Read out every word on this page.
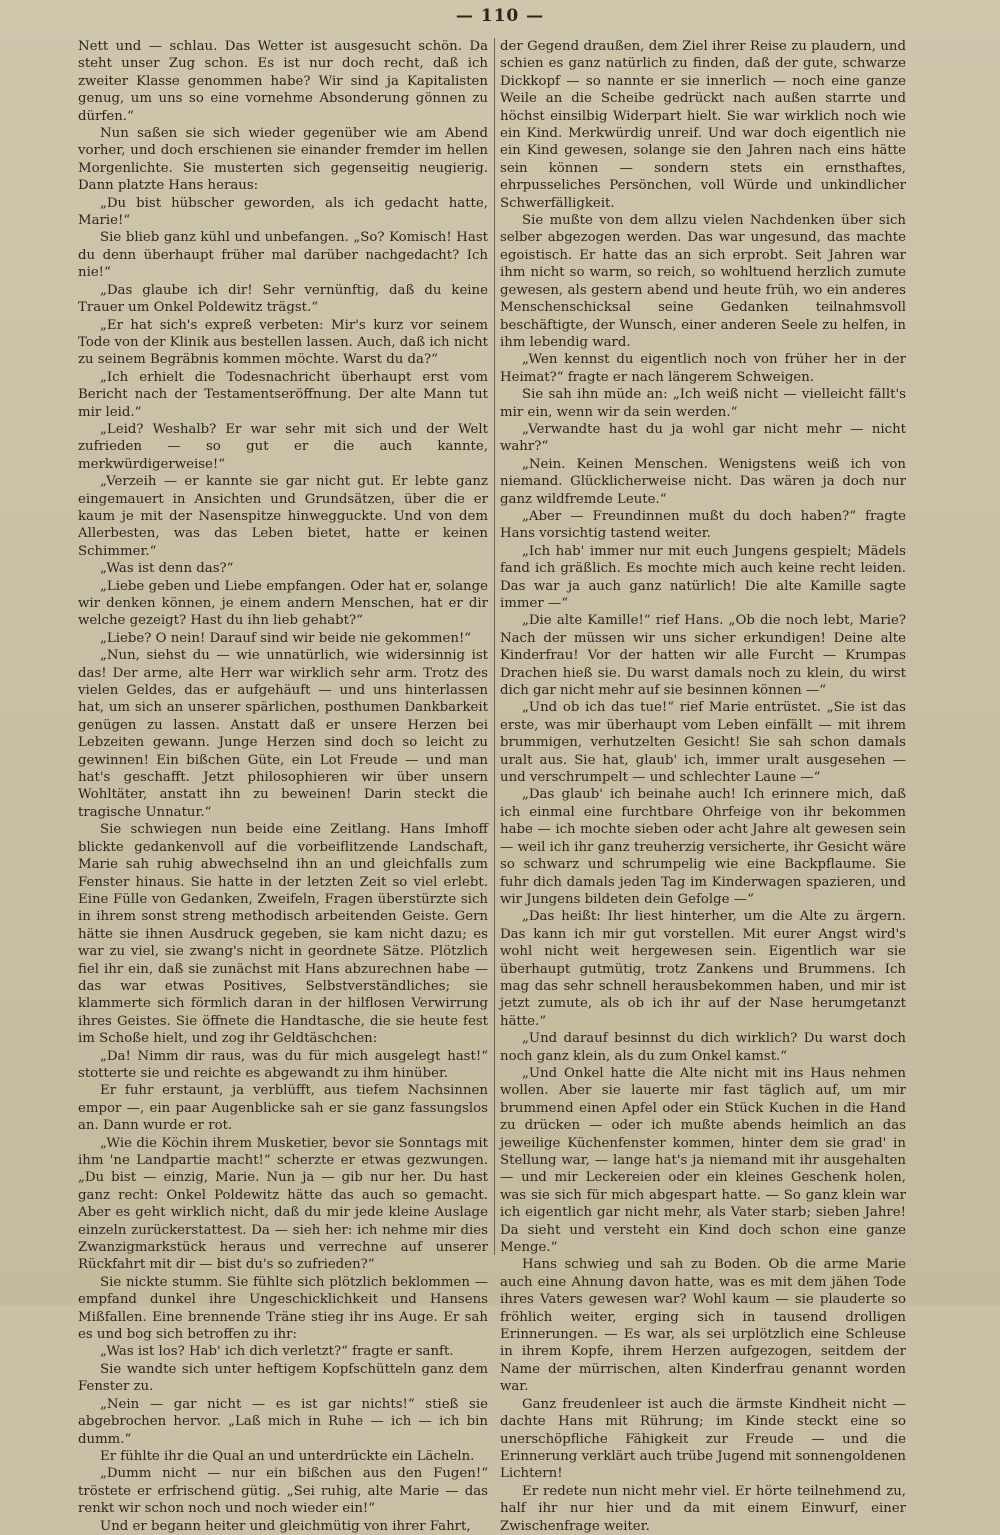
— 110 —

Nett und — schlau. Das Wetter ist ausgesucht schön. Da steht unser Zug schon. Es ist nur doch recht, daß ich zweiter Klasse genommen habe? Wir sind ja Kapitalisten genug, um uns so eine vornehme Absonderung gönnen zu dürfen.“

Nun saßen sie sich wieder gegenüber wie am Abend vorher, und doch erschienen sie einander fremder im hellen Morgenlichte. Sie musterten sich gegenseitig neugierig. Dann platzte Hans heraus:

„Du bist hübscher geworden, als ich gedacht hatte, Marie!“

Sie blieb ganz kühl und unbefangen. „So? Komisch! Hast du denn überhaupt früher mal darüber nachgedacht? Ich nie!“

„Das glaube ich dir! Sehr vernünftig, daß du keine Trauer um Onkel Poldewitz trägst.“

„Er hat sich's expreß verbeten: Mir's kurz vor seinem Tode von der Klinik aus bestellen lassen. Auch, daß ich nicht zu seinem Begräbnis kommen möchte. Warst du da?“

„Ich erhielt die Todesnachricht überhaupt erst vom Bericht nach der Testamentseröffnung. Der alte Mann tut mir leid.“

„Leid? Weshalb? Er war sehr mit sich und der Welt zufrieden — so gut er die auch kannte, merkwürdigerweise!“

„Verzeih — er kannte sie gar nicht gut. Er lebte ganz eingemauert in Ansichten und Grundsätzen, über die er kaum je mit der Nasenspitze hinwegguckte. Und von dem Allerbesten, was das Leben bietet, hatte er keinen Schimmer.“

„Was ist denn das?“

„Liebe geben und Liebe empfangen. Oder hat er, solange wir denken können, je einem andern Menschen, hat er dir welche gezeigt? Hast du ihn lieb gehabt?“

„Liebe? O nein! Darauf sind wir beide nie gekommen!“

„Nun, siehst du — wie unnatürlich, wie widersinnig ist das! Der arme, alte Herr war wirklich sehr arm. Trotz des vielen Geldes, das er aufgehäuft — und uns hinterlassen hat, um sich an unserer spärlichen, posthumen Dankbarkeit genügen zu lassen. Anstatt daß er unsere Herzen bei Lebzeiten gewann. Junge Herzen sind doch so leicht zu gewinnen! Ein bißchen Güte, ein Lot Freude — und man hat's geschafft. Jetzt philosophieren wir über unsern Wohltäter, anstatt ihn zu beweinen! Darin steckt die tragische Unnatur.“

Sie schwiegen nun beide eine Zeitlang. Hans Imhoff blickte gedankenvoll auf die vorbeiflitzende Landschaft, Marie sah ruhig abwechselnd ihn an und gleichfalls zum Fenster hinaus. Sie hatte in der letzten Zeit so viel erlebt. Eine Fülle von Gedanken, Zweifeln, Fragen überstürzte sich in ihrem sonst streng methodisch arbeitenden Geiste. Gern hätte sie ihnen Ausdruck gegeben, sie kam nicht dazu; es war zu viel, sie zwang's nicht in geordnete Sätze. Plötzlich fiel ihr ein, daß sie zunächst mit Hans abzurechnen habe — das war etwas Positives, Selbstverständliches; sie klammerte sich förmlich daran in der hilflosen Verwirrung ihres Geistes. Sie öffnete die Handtasche, die sie heute fest im Schoße hielt, und zog ihr Geldtäschchen:

„Da! Nimm dir raus, was du für mich ausgelegt hast!“ stotterte sie und reichte es abgewandt zu ihm hinüber.

Er fuhr erstaunt, ja verblüfft, aus tiefem Nachsinnen empor —, ein paar Augenblicke sah er sie ganz fassungslos an. Dann wurde er rot.

„Wie die Köchin ihrem Musketier, bevor sie Sonntags mit ihm 'ne Landpartie macht!“ scherzte er etwas gezwungen. „Du bist — einzig, Marie. Nun ja — gib nur her. Du hast ganz recht: Onkel Poldewitz hätte das auch so gemacht. Aber es geht wirklich nicht, daß du mir jede kleine Auslage einzeln zurückerstattest. Da — sieh her: ich nehme mir dies Zwanzigmarkstück heraus und verrechne auf unserer Rückfahrt mit dir — bist du's so zufrieden?“

Sie nickte stumm. Sie fühlte sich plötzlich beklommen — empfand dunkel ihre Ungeschicklichkeit und Hansens Mißfallen. Eine brennende Träne stieg ihr ins Auge. Er sah es und bog sich betroffen zu ihr:

„Was ist los? Hab' ich dich verletzt?“ fragte er sanft.

Sie wandte sich unter heftigem Kopfschütteln ganz dem Fenster zu.

„Nein — gar nicht — es ist gar nichts!“ stieß sie abgebrochen hervor. „Laß mich in Ruhe — ich — ich bin dumm.“

Er fühlte ihr die Qual an und unterdrückte ein Lächeln.

„Dumm nicht — nur ein bißchen aus den Fugen!“ tröstete er erfrischend gütig. „Sei ruhig, alte Marie — das renkt wir schon noch und noch wieder ein!“

Und er begann heiter und gleichmütig von ihrer Fahrt,

der Gegend draußen, dem Ziel ihrer Reise zu plaudern, und schien es ganz natürlich zu finden, daß der gute, schwarze Dickkopf — so nannte er sie innerlich — noch eine ganze Weile an die Scheibe gedrückt nach außen starrte und höchst einsilbig Widerpart hielt. Sie war wirklich noch wie ein Kind. Merkwürdig unreif. Und war doch eigentlich nie ein Kind gewesen, solange sie den Jahren nach eins hätte sein können — sondern stets ein ernsthaftes, ehrpusseliches Persönchen, voll Würde und unkindlicher Schwerfälligkeit.

Sie mußte von dem allzu vielen Nachdenken über sich selber abgezogen werden. Das war ungesund, das machte egoistisch. Er hatte das an sich erprobt. Seit Jahren war ihm nicht so warm, so reich, so wohltuend herzlich zumute gewesen, als gestern abend und heute früh, wo ein anderes Menschenschicksal seine Gedanken teilnahmsvoll beschäftigte, der Wunsch, einer anderen Seele zu helfen, in ihm lebendig ward.

„Wen kennst du eigentlich noch von früher her in der Heimat?“ fragte er nach längerem Schweigen.

Sie sah ihn müde an: „Ich weiß nicht — vielleicht fällt's mir ein, wenn wir da sein werden.“

„Verwandte hast du ja wohl gar nicht mehr — nicht wahr?“

„Nein. Keinen Menschen. Wenigstens weiß ich von niemand. Glücklicherweise nicht. Das wären ja doch nur ganz wildfremde Leute.“

„Aber — Freundinnen mußt du doch haben?“ fragte Hans vorsichtig tastend weiter.

„Ich hab' immer nur mit euch Jungens gespielt; Mädels fand ich gräßlich. Es mochte mich auch keine recht leiden. Das war ja auch ganz natürlich! Die alte Kamille sagte immer —“

„Die alte Kamille!“ rief Hans. „Ob die noch lebt, Marie? Nach der müssen wir uns sicher erkundigen! Deine alte Kinderfrau! Vor der hatten wir alle Furcht — Krumpas Drachen hieß sie. Du warst damals noch zu klein, du wirst dich gar nicht mehr auf sie besinnen können —“

„Und ob ich das tue!“ rief Marie entrüstet. „Sie ist das erste, was mir überhaupt vom Leben einfällt — mit ihrem brummigen, verhutzelten Gesicht! Sie sah schon damals uralt aus. Sie hat, glaub' ich, immer uralt ausgesehen — und verschrumpelt — und schlechter Laune —“

„Das glaub' ich beinahe auch! Ich erinnere mich, daß ich einmal eine furchtbare Ohrfeige von ihr bekommen habe — ich mochte sieben oder acht Jahre alt gewesen sein — weil ich ihr ganz treuherzig versicherte, ihr Gesicht wäre so schwarz und schrumpelig wie eine Backpflaume. Sie fuhr dich damals jeden Tag im Kinderwagen spazieren, und wir Jungens bildeten dein Gefolge —“

„Das heißt: Ihr liest hinterher, um die Alte zu ärgern. Das kann ich mir gut vorstellen. Mit eurer Angst wird's wohl nicht weit hergewesen sein. Eigentlich war sie überhaupt gutmütig, trotz Zankens und Brummens. Ich mag das sehr schnell herausbekommen haben, und mir ist jetzt zumute, als ob ich ihr auf der Nase herumgetanzt hätte.“

„Und darauf besinnst du dich wirklich? Du warst doch noch ganz klein, als du zum Onkel kamst.“

„Und Onkel hatte die Alte nicht mit ins Haus nehmen wollen. Aber sie lauerte mir fast täglich auf, um mir brummend einen Apfel oder ein Stück Kuchen in die Hand zu drücken — oder ich mußte abends heimlich an das jeweilige Küchenfenster kommen, hinter dem sie grad' in Stellung war, — lange hat's ja niemand mit ihr ausgehalten — und mir Leckereien oder ein kleines Geschenk holen, was sie sich für mich abgespart hatte. — So ganz klein war ich eigentlich gar nicht mehr, als Vater starb; sieben Jahre! Da sieht und versteht ein Kind doch schon eine ganze Menge.“

Hans schwieg und sah zu Boden. Ob die arme Marie auch eine Ahnung davon hatte, was es mit dem jähen Tode ihres Vaters gewesen war? Wohl kaum — sie plauderte so fröhlich weiter, erging sich in tausend drolligen Erinnerungen. — Es war, als sei urplötzlich eine Schleuse in ihrem Kopfe, ihrem Herzen aufgezogen, seitdem der Name der mürrischen, alten Kinderfrau genannt worden war.

Ganz freudenleer ist auch die ärmste Kindheit nicht — dachte Hans mit Rührung; im Kinde steckt eine so unerschöpfliche Fähigkeit zur Freude — und die Erinnerung verklärt auch trübe Jugend mit sonnengoldenen Lichtern!

Er redete nun nicht mehr viel. Er hörte teilnehmend zu, half ihr nur hier und da mit einem Einwurf, einer Zwischenfrage weiter.
